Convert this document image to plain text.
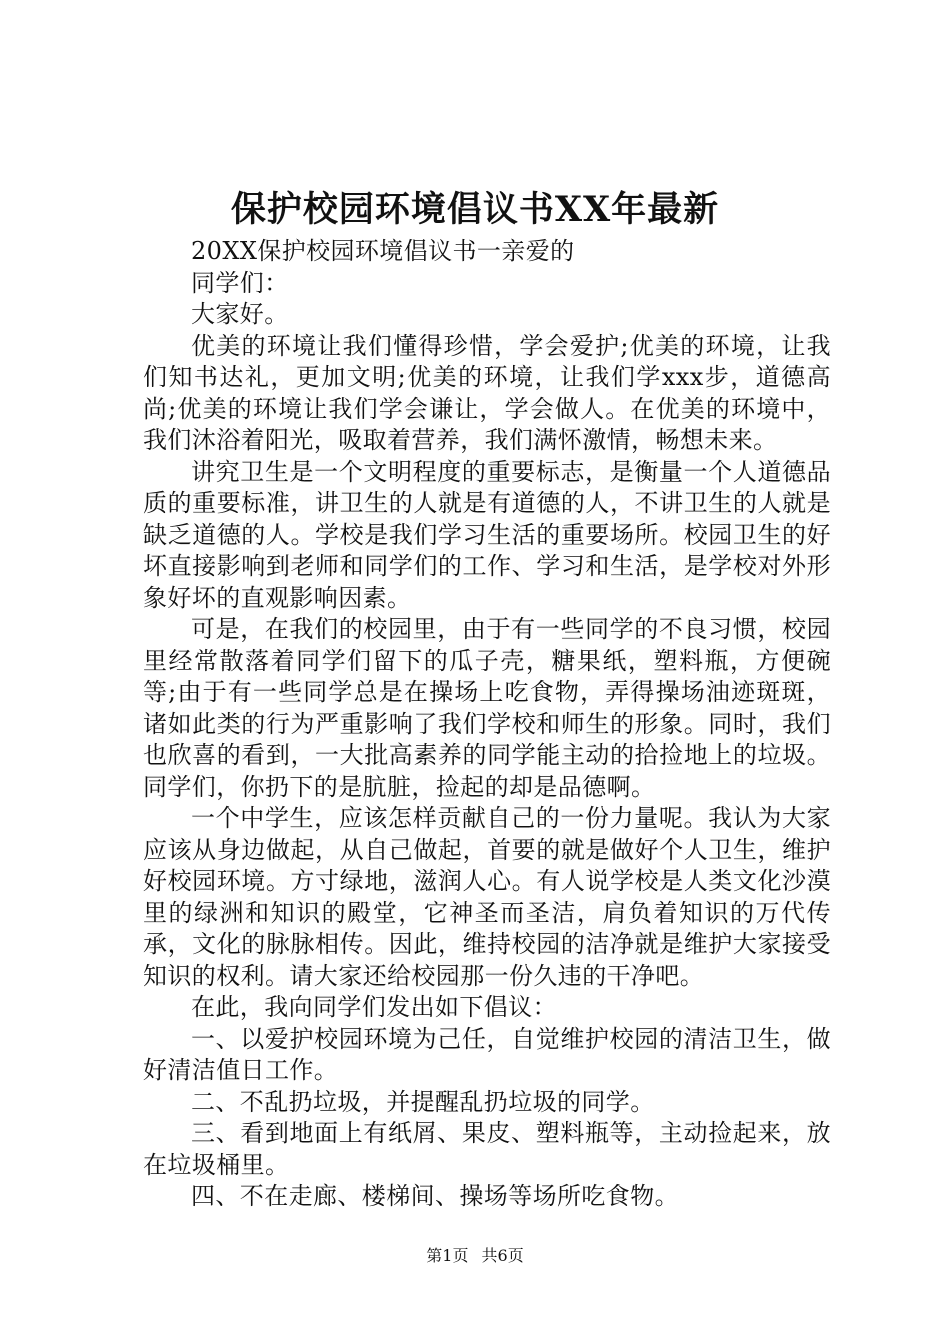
保护校园环境倡议书XX年最新

20XX保护校园环境倡议书一亲爱的

同学们：

大家好。

优美的环境让我们懂得珍惜，学会爱护;优美的环境，让我们知书达礼，更加文明;优美的环境，让我们学xxx步，道德高尚;优美的环境让我们学会谦让，学会做人。在优美的环境中，我们沐浴着阳光，吸取着营养，我们满怀激情，畅想未来。

讲究卫生是一个文明程度的重要标志，是衡量一个人道德品质的重要标准，讲卫生的人就是有道德的人，不讲卫生的人就是缺乏道德的人。学校是我们学习生活的重要场所。校园卫生的好坏直接影响到老师和同学们的工作、学习和生活，是学校对外形象好坏的直观影响因素。

可是，在我们的校园里，由于有一些同学的不良习惯，校园里经常散落着同学们留下的瓜子壳，糖果纸，塑料瓶，方便碗等;由于有一些同学总是在操场上吃食物，弄得操场油迹斑斑，诸如此类的行为严重影响了我们学校和师生的形象。同时，我们也欣喜的看到，一大批高素养的同学能主动的拾捡地上的垃圾。同学们，你扔下的是肮脏，捡起的却是品德啊。

一个中学生，应该怎样贡献自己的一份力量呢。我认为大家应该从身边做起，从自己做起，首要的就是做好个人卫生，维护好校园环境。方寸绿地，滋润人心。有人说学校是人类文化沙漠里的绿洲和知识的殿堂，它神圣而圣洁，肩负着知识的万代传承，文化的脉脉相传。因此，维持校园的洁净就是维护大家接受知识的权利。请大家还给校园那一份久违的干净吧。

在此，我向同学们发出如下倡议：

一、以爱护校园环境为己任，自觉维护校园的清洁卫生，做好清洁值日工作。

二、不乱扔垃圾，并提醒乱扔垃圾的同学。

三、看到地面上有纸屑、果皮、塑料瓶等，主动捡起来，放在垃圾桶里。

四、不在走廊、楼梯间、操场等场所吃食物。

第1页 共6页
